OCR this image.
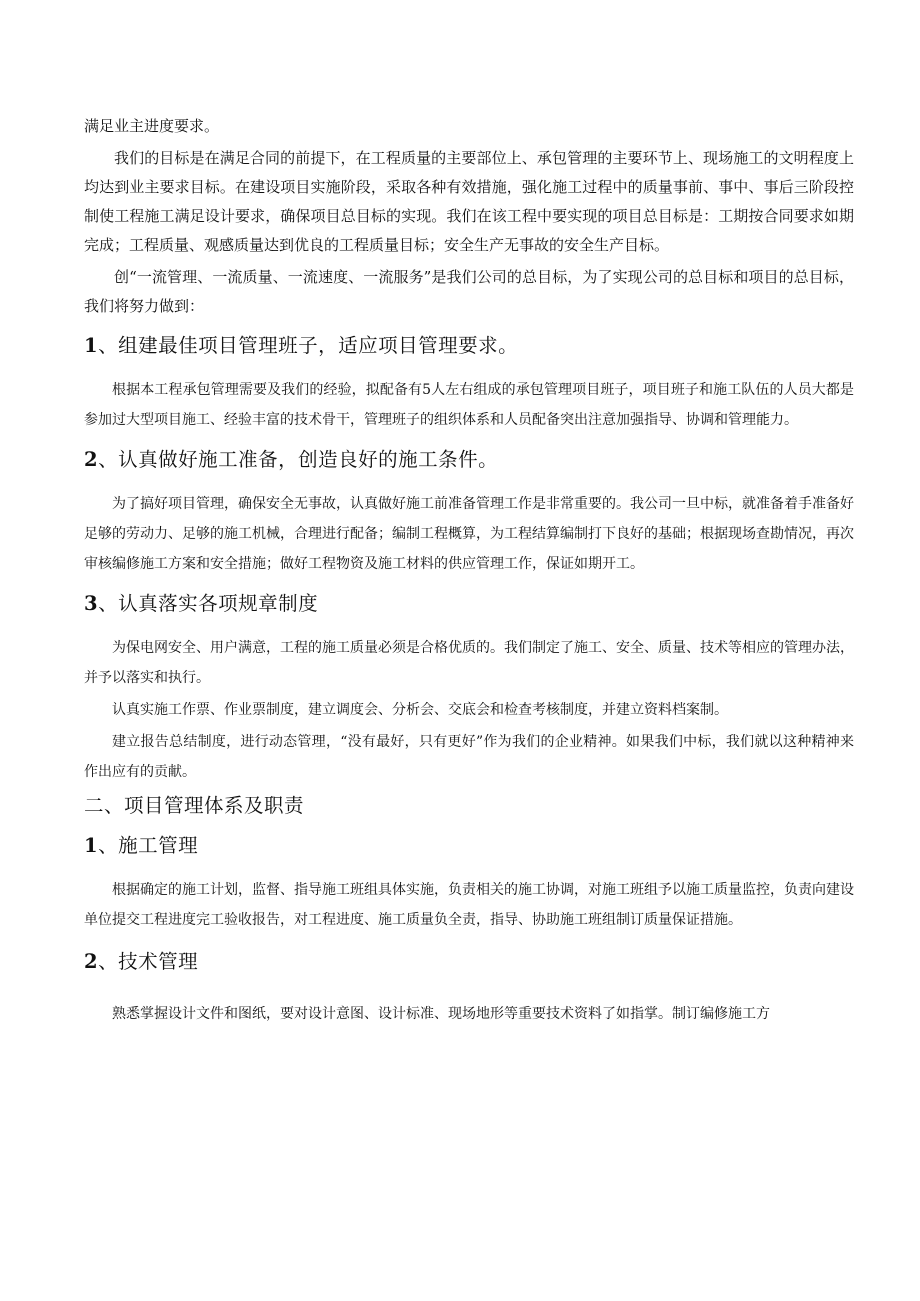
满足业主进度要求。

我们的目标是在满足合同的前提下，在工程质量的主要部位上、承包管理的主要环节上、现场施工的文明程度上均达到业主要求目标。在建设项目实施阶段，采取各种有效措施，强化施工过程中的质量事前、事中、事后三阶段控制使工程施工满足设计要求，确保项目总目标的实现。我们在该工程中要实现的项目总目标是：工期按合同要求如期完成；工程质量、观感质量达到优良的工程质量目标；安全生产无事故的安全生产目标。

创“一流管理、一流质量、一流速度、一流服务”是我们公司的总目标，为了实现公司的总目标和项目的总目标，我们将努力做到：

1、组建最佳项目管理班子，适应项目管理要求。

根据本工程承包管理需要及我们的经验，拟配备有5人左右组成的承包管理项目班子，项目班子和施工队伍的人员大都是参加过大型项目施工、经验丰富的技术骨干，管理班子的组织体系和人员配备突出注意加强指导、协调和管理能力。

2、认真做好施工准备，创造良好的施工条件。

为了搞好项目管理，确保安全无事故，认真做好施工前准备管理工作是非常重要的。我公司一旦中标，就准备着手准备好足够的劳动力、足够的施工机械，合理进行配备；编制工程概算，为工程结算编制打下良好的基础；根据现场查勘情况，再次审核编修施工方案和安全措施；做好工程物资及施工材料的供应管理工作，保证如期开工。

3、认真落实各项规章制度

为保电网安全、用户满意，工程的施工质量必须是合格优质的。我们制定了施工、安全、质量、技术等相应的管理办法，并予以落实和执行。

认真实施工作票、作业票制度，建立调度会、分析会、交底会和检查考核制度，并建立资料档案制。

建立报告总结制度，进行动态管理，“没有最好，只有更好”作为我们的企业精神。如果我们中标，我们就以这种精神来作出应有的贡献。

二、项目管理体系及职责
1、施工管理

根据确定的施工计划，监督、指导施工班组具体实施，负责相关的施工协调，对施工班组予以施工质量监控，负责向建设单位提交工程进度完工验收报告，对工程进度、施工质量负全责，指导、协助施工班组制订质量保证措施。

2、技术管理

熟悉掌握设计文件和图纸，要对设计意图、设计标准、现场地形等重要技术资料了如指掌。制订编修施工方
